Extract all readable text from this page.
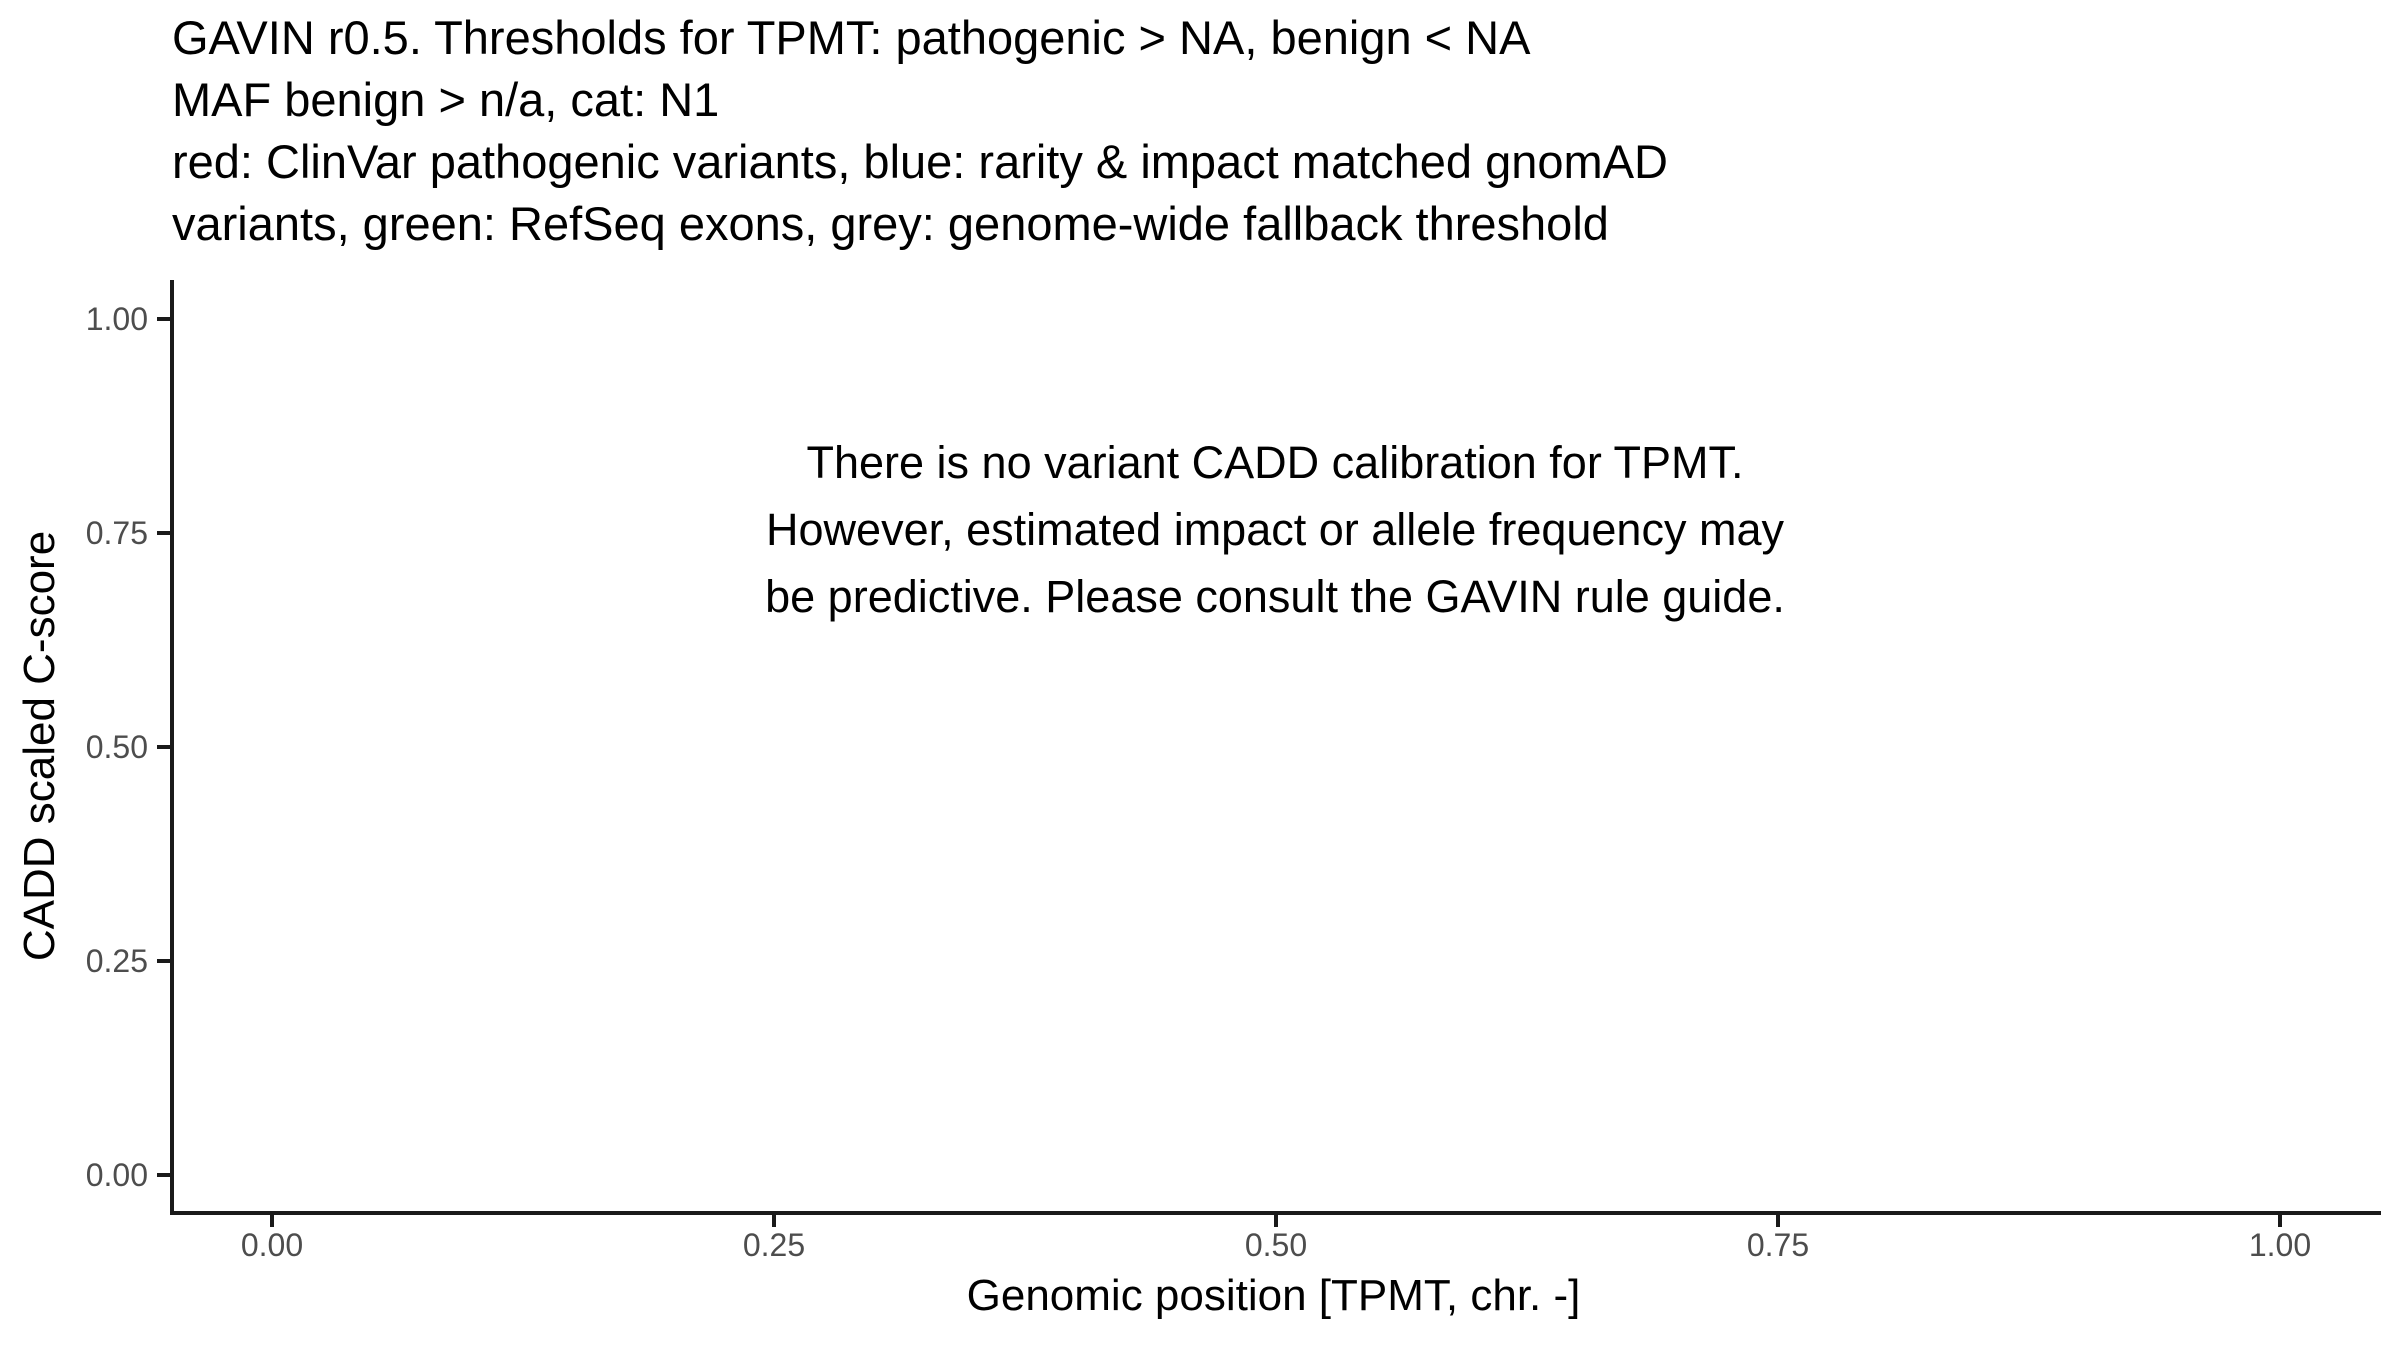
GAVIN r0.5. Thresholds for TPMT: pathogenic > NA, benign < NA
MAF benign > n/a, cat: N1
red: ClinVar pathogenic variants, blue: rarity & impact matched gnomAD
variants, green: RefSeq exons, grey: genome-wide fallback threshold
There is no variant CADD calibration for TPMT.
However, estimated impact or allele frequency may
be predictive. Please consult the GAVIN rule guide.
1.00
0.75
0.50
0.25
0.00
0.00	0.25	0.50	0.75	1.00
Genomic position [TPMT, chr. -]
CADD scaled C-score
